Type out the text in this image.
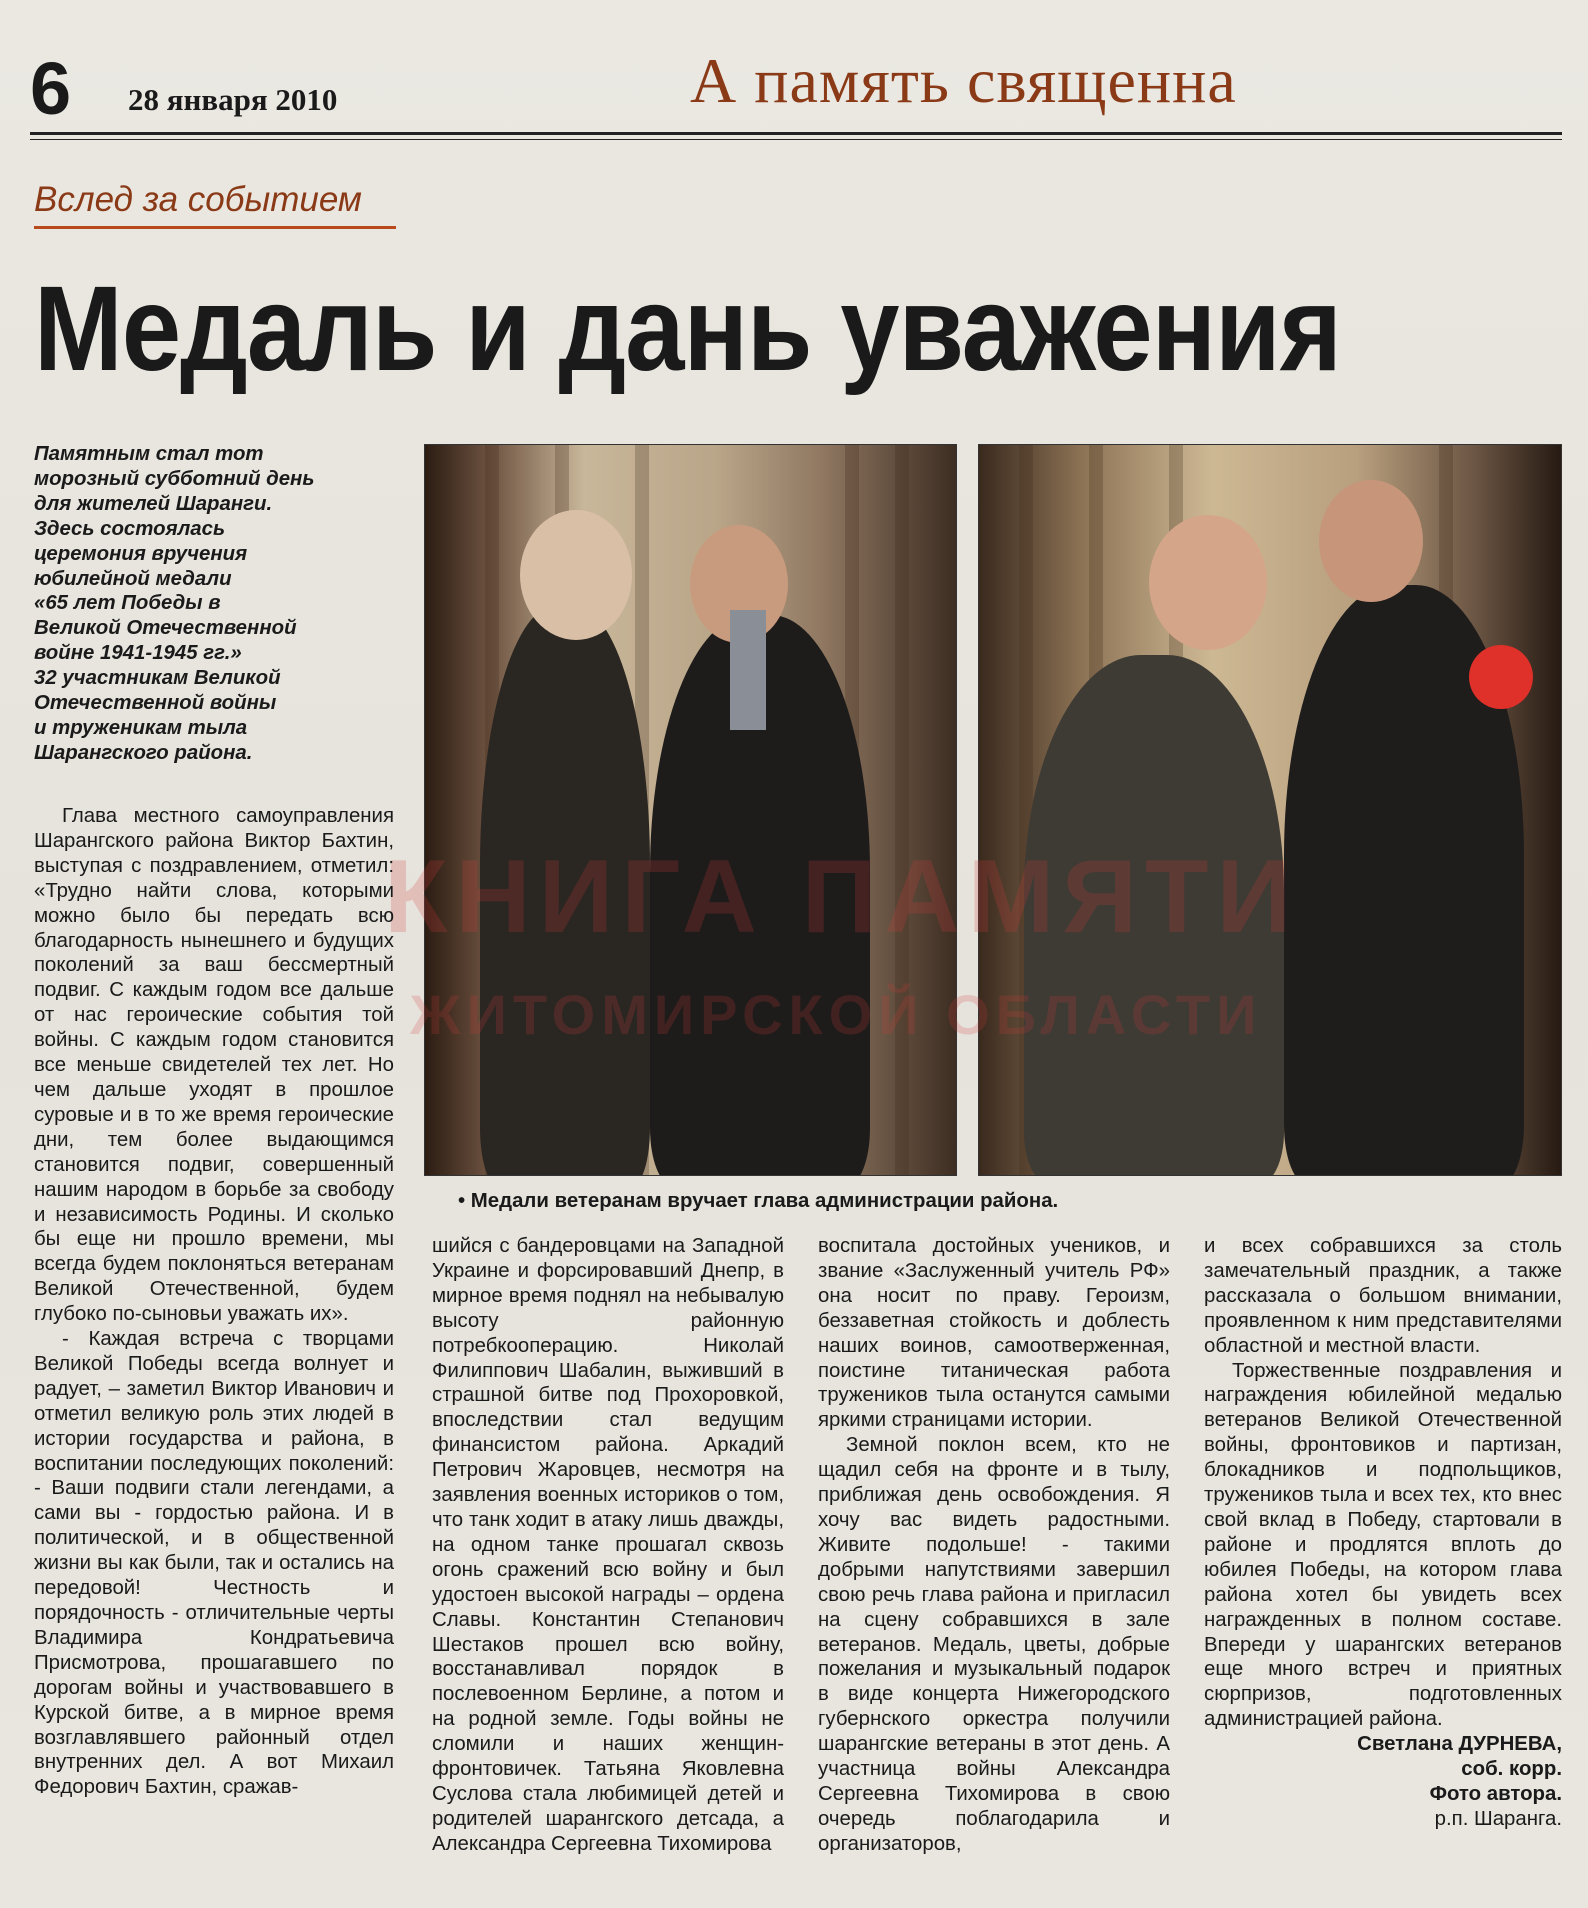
6 28 января 2010	А память священна
Вслед за событием
Медаль и дань уважения
Памятным стал тот
морозный субботний день
для жителей Шаранги.
Здесь состоялась
церемония вручения
юбилейной медали
«65 лет Победы в
Великой Отечественной
войне 1941-1945 гг.»
32 участникам Великой
Отечественной войны
и труженикам тыла
Шарангского района.
• Медали ветеранам вручает глава администрации района.
КНИГА ПАМЯТИ
ЖИТОМИРСКОЙ ОБЛАСТИ

Глава местного самоуправления Шарангского района Виктор Бахтин, выступая с поздравлением, отметил: «Трудно найти слова, которыми можно было бы передать всю благодарность нынешнего и будущих поколений за ваш бессмертный подвиг. С каждым годом все дальше от нас героические события той войны. С каждым годом становится все меньше свидетелей тех лет. Но чем дальше уходят в прошлое суровые и в то же время героические дни, тем более выдающимся становится подвиг, совершенный нашим народом в борьбе за свободу и независимость Родины. И сколько бы еще ни прошло времени, мы всегда будем поклоняться ветеранам Великой Отечественной, будем глубоко по-сыновьи уважать их».

- Каждая встреча с творцами Великой Победы всегда волнует и радует, – заметил Виктор Иванович и отметил великую роль этих людей в истории государства и района, в воспитании последующих поколений: - Ваши подвиги стали легендами, а сами вы - гордостью района. И в политической, и в общественной жизни вы как были, так и остались на передовой! Честность и порядочность - отличительные черты Владимира Кондратьевича Присмотрова, прошагавшего по дорогам войны и участвовавшего в Курской битве, а в мирное время возглавлявшего районный отдел внутренних дел. А вот Михаил Федорович Бахтин, сражав-

шийся с бандеровцами на Западной Украине и форсировавший Днепр, в мирное время поднял на небывалую высоту районную потребкооперацию. Николай Филиппович Шабалин, выживший в страшной битве под Прохоровкой, впоследствии стал ведущим финансистом района. Аркадий Петрович Жаровцев, несмотря на заявления военных историков о том, что танк ходит в атаку лишь дважды, на одном танке прошагал сквозь огонь сражений всю войну и был удостоен высокой награды – ордена Славы. Константин Степанович Шестаков прошел всю войну, восстанавливал порядок в послевоенном Берлине, а потом и на родной земле. Годы войны не сломили и наших женщин-фронтовичек. Татьяна Яковлевна Суслова стала любимицей детей и родителей шарангского детсада, а Александра Сергеевна Тихомирова

воспитала достойных учеников, и звание «Заслуженный учитель РФ» она носит по праву. Героизм, беззаветная стойкость и доблесть наших воинов, самоотверженная, поистине титаническая работа тружеников тыла останутся самыми яркими страницами истории.

Земной поклон всем, кто не щадил себя на фронте и в тылу, приближая день освобождения. Я хочу вас видеть радостными. Живите подольше! - такими добрыми напутствиями завершил свою речь глава района и пригласил на сцену собравшихся в зале ветеранов. Медаль, цветы, добрые пожелания и музыкальный подарок в виде концерта Нижегородского губернского оркестра получили шарангские ветераны в этот день. А участница войны Александра Сергеевна Тихомирова в свою очередь поблагодарила и организаторов,

и всех собравшихся за столь замечательный праздник, а также рассказала о большом внимании, проявленном к ним представителями областной и местной власти.

Торжественные поздравления и награждения юбилейной медалью ветеранов Великой Отечественной войны, фронтовиков и партизан, блокадников и подпольщиков, тружеников тыла и всех тех, кто внес свой вклад в Победу, стартовали в районе и продлятся вплоть до юбилея Победы, на котором глава района хотел бы увидеть всех награжденных в полном составе. Впереди у шарангских ветеранов еще много встреч и приятных сюрпризов, подготовленных администрацией района.

Светлана ДУРНЕВА,
соб. корр.
Фото автора.
р.п. Шаранга.
